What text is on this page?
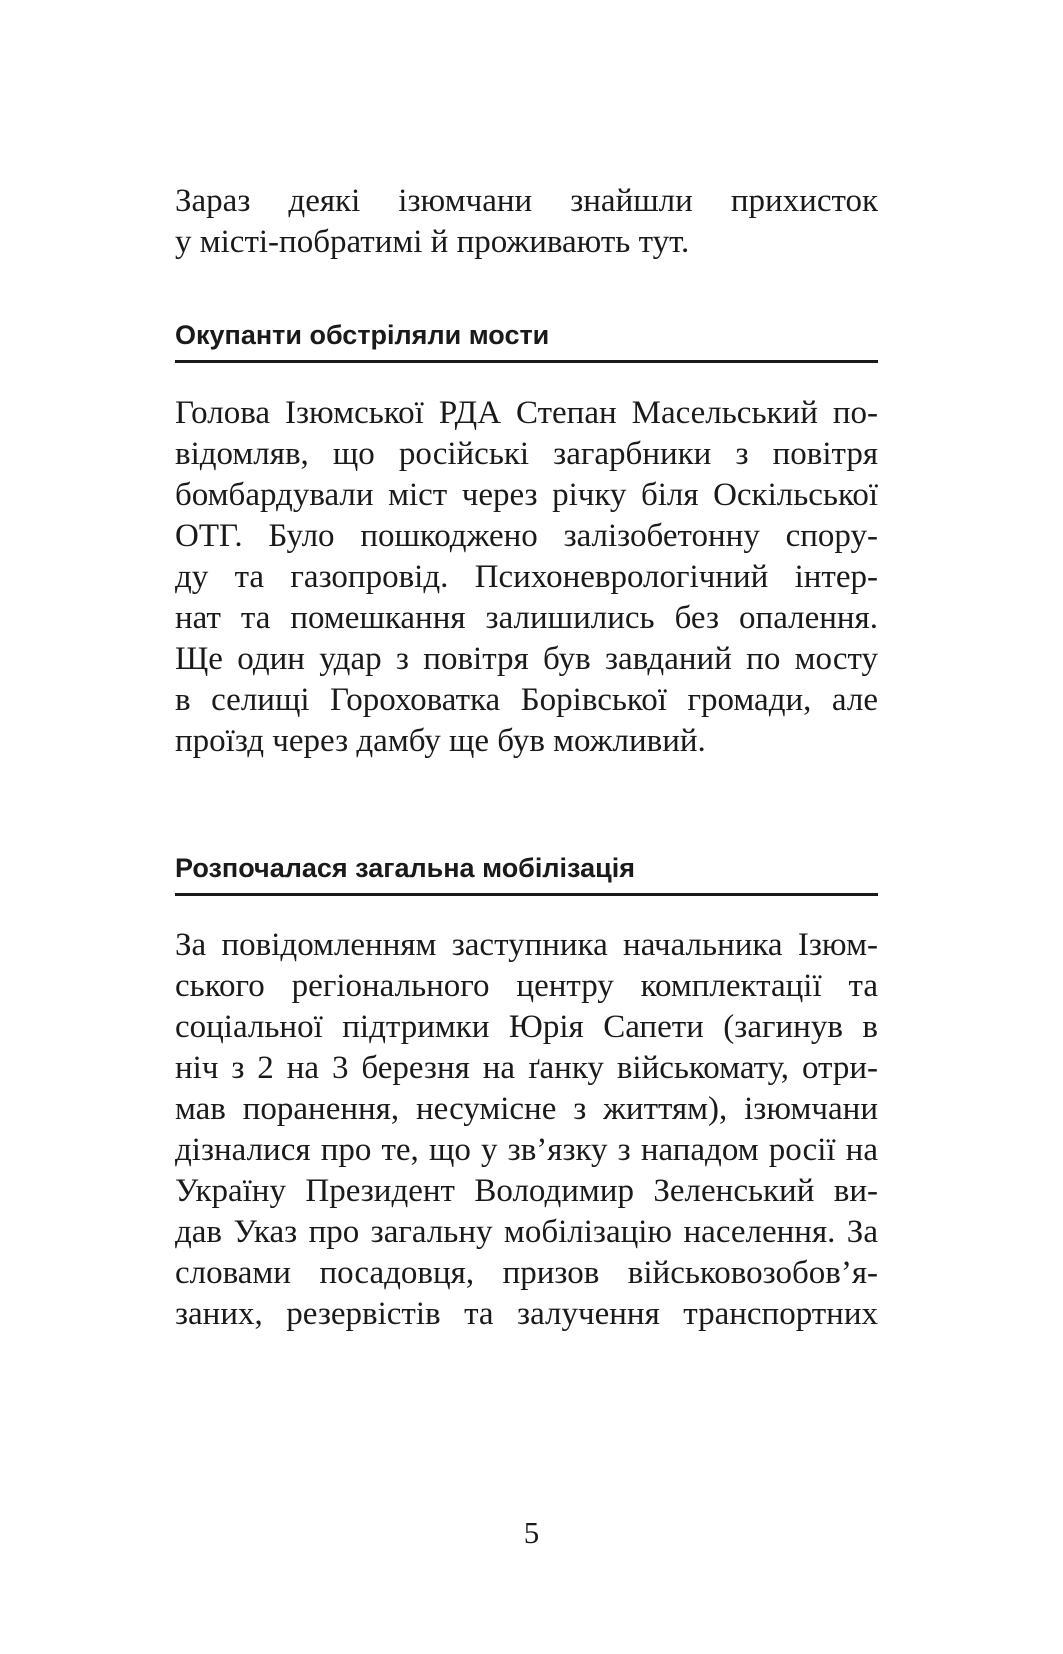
Зараз деякі ізюмчани знайшли прихисток
у місті-побратимі й проживають тут.

Окупанти обстріляли мости

Голова Ізюмської РДА Степан Масельський по-
відомляв, що російські загарбники з повітря
бомбардували міст через річку біля Оскільської
ОТГ. Було пошкоджено залізобетонну спору-
ду та газопровід. Психоневрологічний інтер-
нат та помешкання залишились без опалення.
Ще один удар з повітря був завданий по мосту
в селищі Гороховатка Борівської громади, але
проїзд через дамбу ще був можливий.

Розпочалася загальна мобілізація

За повідомленням заступника начальника Ізюм-
ського регіонального центру комплектації та
соціальної підтримки Юрія Сапети (загинув в
ніч з 2 на 3 березня на ґанку військомату, отри-
мав поранення, несумісне з життям), ізюмчани
дізналися про те, що у зв’язку з нападом росії на
Україну Президент Володимир Зеленський ви-
дав Указ про загальну мобілізацію населення. За
словами посадовця, призов військовозобов’я-
заних, резервістів та залучення транспортних

5
